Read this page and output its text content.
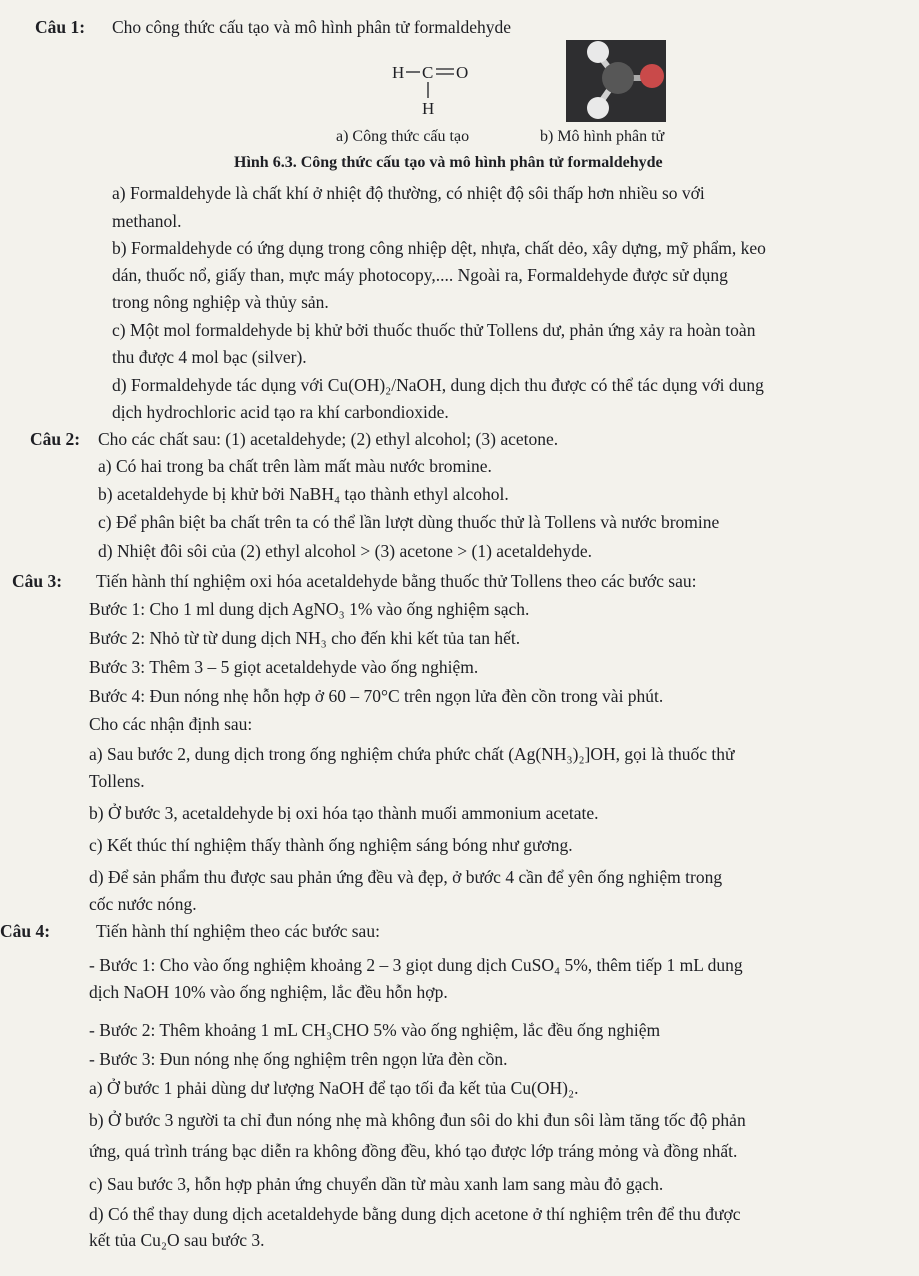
Câu 1: Cho công thức cấu tạo và mô hình phân tử formaldehyde
H C O
H
a) Công thức cấu tạo	b) Mô hình phân tử
Hình 6.3. Công thức cấu tạo và mô hình phân tử formaldehyde
a) Formaldehyde là chất khí ở nhiệt độ thường, có nhiệt độ sôi thấp hơn nhiều so với
methanol.
b) Formaldehyde có ứng dụng trong công nhiệp dệt, nhựa, chất dẻo, xây dựng, mỹ phẩm, keo
dán, thuốc nổ, giấy than, mực máy photocopy,.... Ngoài ra, Formaldehyde được sử dụng
trong nông nghiệp và thủy sản.
c) Một mol formaldehyde bị khử bởi thuốc thuốc thử Tollens dư, phản ứng xảy ra hoàn toàn
thu được 4 mol bạc (silver).
d) Formaldehyde tác dụng với Cu(OH)₂/NaOH, dung dịch thu được có thể tác dụng với dung
dịch hydrochloric acid tạo ra khí carbondioxide.
Câu 2: Cho các chất sau: (1) acetaldehyde; (2) ethyl alcohol; (3) acetone.
a) Có hai trong ba chất trên làm mất màu nước bromine.
b) acetaldehyde bị khử bởi NaBH₄ tạo thành ethyl alcohol.
c) Để phân biệt ba chất trên ta có thể lần lượt dùng thuốc thử là Tollens và nước bromine
d) Nhiệt đôi sôi của (2) ethyl alcohol > (3) acetone > (1) acetaldehyde.
Câu 3: Tiến hành thí nghiệm oxi hóa acetaldehyde bằng thuốc thử Tollens theo các bước sau:
Bước 1: Cho 1 ml dung dịch AgNO₃ 1% vào ống nghiệm sạch.
Bước 2: Nhỏ từ từ dung dịch NH₃ cho đến khi kết tủa tan hết.
Bước 3: Thêm 3 – 5 giọt acetaldehyde vào ống nghiệm.
Bước 4: Đun nóng nhẹ hỗn hợp ở 60 – 70°C trên ngọn lửa đèn cồn trong vài phút.
Cho các nhận định sau:
a) Sau bước 2, dung dịch trong ống nghiệm chứa phức chất (Ag(NH₃)₂]OH, gọi là thuốc thử
Tollens.
b) Ở bước 3, acetaldehyde bị oxi hóa tạo thành muối ammonium acetate.
c) Kết thúc thí nghiệm thấy thành ống nghiệm sáng bóng như gương.
d) Để sản phẩm thu được sau phản ứng đều và đẹp, ở bước 4 cần để yên ống nghiệm trong
cốc nước nóng.
Câu 4:	Tiến hành thí nghiệm theo các bước sau:
- Bước 1: Cho vào ống nghiệm khoảng 2 – 3 giọt dung dịch CuSO₄ 5%, thêm tiếp 1 mL dung
dịch NaOH 10% vào ống nghiệm, lắc đều hỗn hợp.
- Bước 2: Thêm khoảng 1 mL CH₃CHO 5% vào ống nghiệm, lắc đều ống nghiệm
- Bước 3: Đun nóng nhẹ ống nghiệm trên ngọn lửa đèn cồn.
a) Ở bước 1 phải dùng dư lượng NaOH để tạo tối đa kết tủa Cu(OH)₂.
b) Ở bước 3 người ta chỉ đun nóng nhẹ mà không đun sôi do khi đun sôi làm tăng tốc độ phản
ứng, quá trình tráng bạc diễn ra không đồng đều, khó tạo được lớp tráng mỏng và đồng nhất.
c) Sau bước 3, hỗn hợp phản ứng chuyển dần từ màu xanh lam sang màu đỏ gạch.
d) Có thể thay dung dịch acetaldehyde bằng dung dịch acetone ở thí nghiệm trên để thu được
kết tủa Cu₂O sau bước 3.
